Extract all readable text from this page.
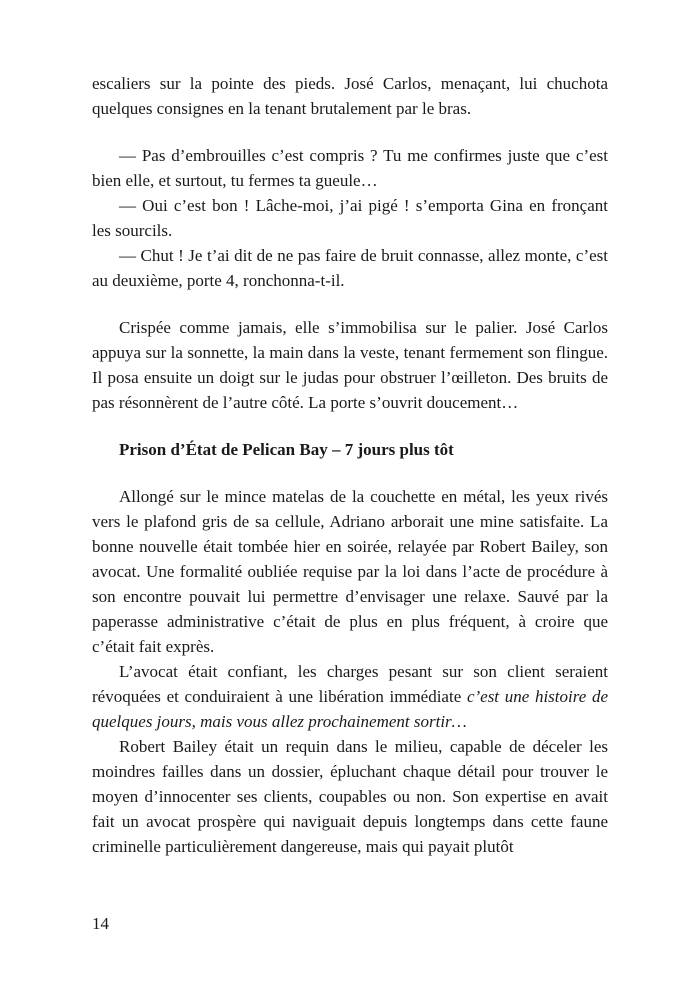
escaliers sur la pointe des pieds. José Carlos, menaçant, lui chuchota quelques consignes en la tenant brutalement par le bras.

— Pas d’embrouilles c’est compris ? Tu me confirmes juste que c’est bien elle, et surtout, tu fermes ta gueule…

— Oui c’est bon ! Lâche-moi, j’ai pigé ! s’emporta Gina en fronçant les sourcils.

— Chut ! Je t’ai dit de ne pas faire de bruit connasse, allez monte, c’est au deuxième, porte 4, ronchonna-t-il.

Crispée comme jamais, elle s’immobilisa sur le palier. José Carlos appuya sur la sonnette, la main dans la veste, tenant fermement son flingue. Il posa ensuite un doigt sur le judas pour obstruer l’œilleton. Des bruits de pas résonnèrent de l’autre côté. La porte s’ouvrit doucement…

Prison d’État de Pelican Bay – 7 jours plus tôt

Allongé sur le mince matelas de la couchette en métal, les yeux rivés vers le plafond gris de sa cellule, Adriano arborait une mine satisfaite. La bonne nouvelle était tombée hier en soirée, relayée par Robert Bailey, son avocat. Une formalité oubliée requise par la loi dans l’acte de procédure à son encontre pouvait lui permettre d’envisager une relaxe. Sauvé par la paperasse administrative c’était de plus en plus fréquent, à croire que c’était fait exprès.

L’avocat était confiant, les charges pesant sur son client seraient révoquées et conduiraient à une libération immédiate c’est une histoire de quelques jours, mais vous allez prochainement sortir…

Robert Bailey était un requin dans le milieu, capable de déceler les moindres failles dans un dossier, épluchant chaque détail pour trouver le moyen d’innocenter ses clients, coupables ou non. Son expertise en avait fait un avocat prospère qui naviguait depuis longtemps dans cette faune criminelle particulièrement dangereuse, mais qui payait plutôt

14
